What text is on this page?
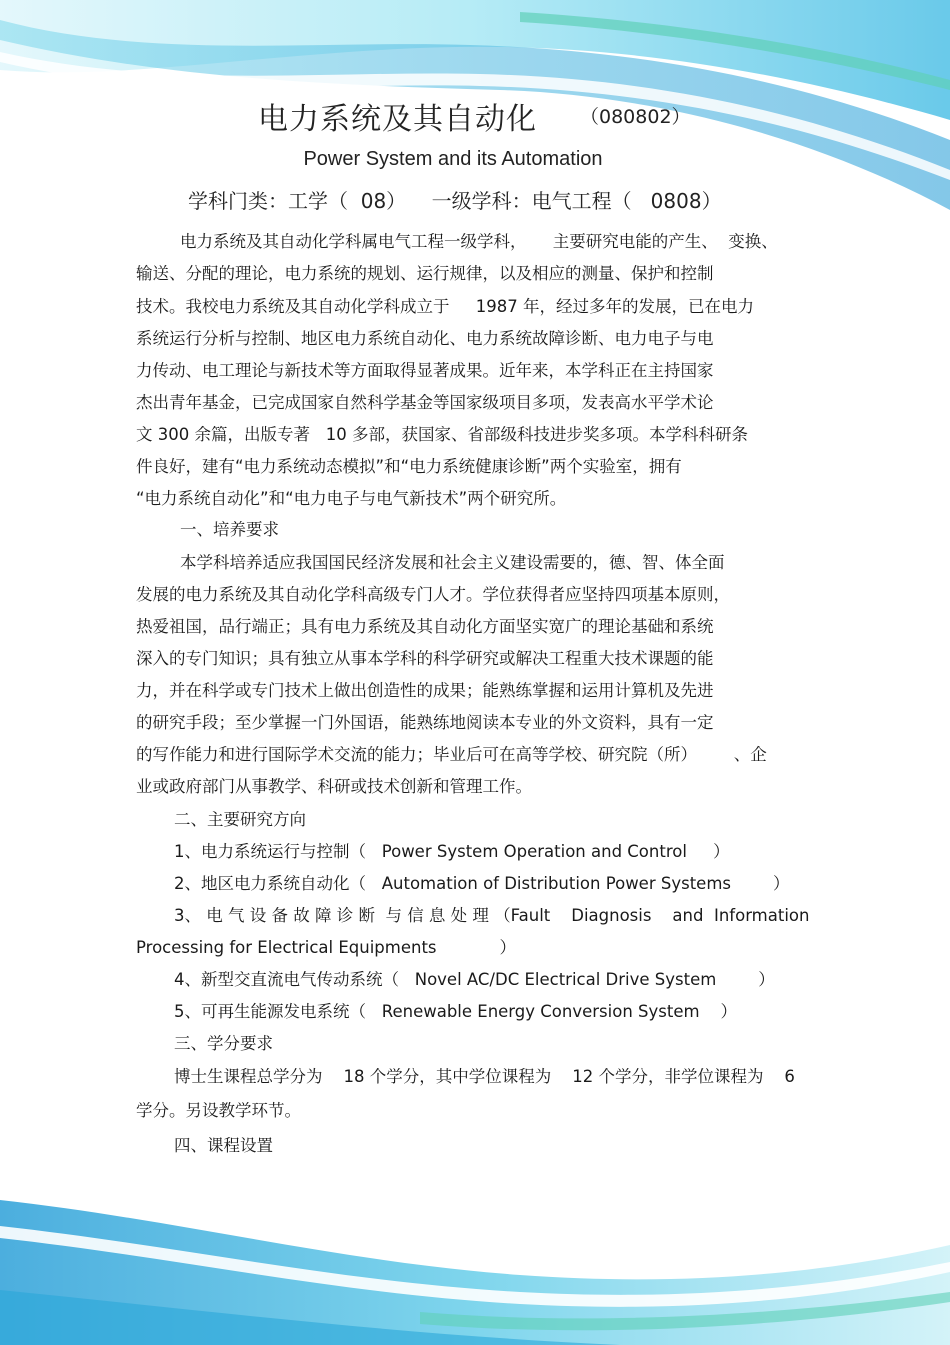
电力系统及其自动化 （080802）
Power System and its Automation
学科门类：工学（  08）    一级学科：电气工程（   0808）
电力系统及其自动化学科属电气工程一级学科，     主要研究电能的产生、  变换、
输送、分配的理论，电力系统的规划、运行规律，以及相应的测量、保护和控制
技术。我校电力系统及其自动化学科成立于     1987 年，经过多年的发展，已在电力
系统运行分析与控制、地区电力系统自动化、电力系统故障诊断、电力电子与电
力传动、电工理论与新技术等方面取得显著成果。近年来，本学科正在主持国家
杰出青年基金，已完成国家自然科学基金等国家级项目多项，发表高水平学术论
文 300 余篇，出版专著   10 多部，获国家、省部级科技进步奖多项。本学科科研条
件良好，建有“电力系统动态模拟”和“电力系统健康诊断”两个实验室，拥有
“电力系统自动化”和“电力电子与电气新技术”两个研究所。
一、培养要求
本学科培养适应我国国民经济发展和社会主义建设需要的，德、智、体全面
发展的电力系统及其自动化学科高级专门人才。学位获得者应坚持四项基本原则，
热爱祖国，品行端正；具有电力系统及其自动化方面坚实宽广的理论基础和系统
深入的专门知识；具有独立从事本学科的科学研究或解决工程重大技术课题的能
力，并在科学或专门技术上做出创造性的成果；能熟练掌握和运用计算机及先进
的研究手段；至少掌握一门外国语，能熟练地阅读本专业的外文资料，具有一定
的写作能力和进行国际学术交流的能力；毕业后可在高等学校、研究院（所）       、企
业或政府部门从事教学、科研或技术创新和管理工作。
二、主要研究方向
1、电力系统运行与控制（   Power System Operation and Control     ）
2、地区电力系统自动化（   Automation of Distribution Power Systems        ）
3、 电 气 设 备 故 障 诊 断  与 信 息 处 理 （Fault    Diagnosis    and  Information
Processing for Electrical Equipments            ）
4、新型交直流电气传动系统（   Novel AC/DC Electrical Drive System        ）
5、可再生能源发电系统（   Renewable Energy Conversion System    ）
三、学分要求
博士生课程总学分为    18 个学分，其中学位课程为    12 个学分，非学位课程为    6
学分。另设教学环节。
四、课程设置
